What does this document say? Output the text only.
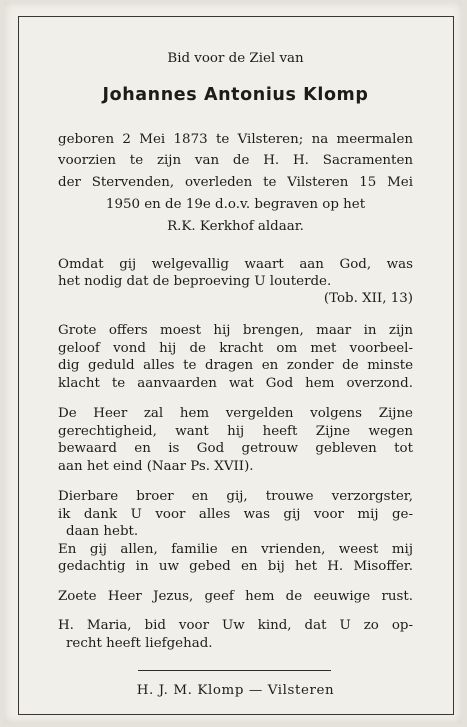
Bid voor de Ziel van
Johannes Antonius Klomp
geboren 2 Mei 1873 te Vilsteren; na meermalen
voorzien te zijn van de H. H. Sacramenten
der Stervenden, overleden te Vilsteren 15 Mei
1950 en de 19e d.o.v. begraven op het
R.K. Kerkhof aldaar.
Omdat gij welgevallig waart aan God, was
het nodig dat de beproeving U louterde.
(Tob. XII, 13)
Grote offers moest hij brengen, maar in zijn
geloof vond hij de kracht om met voorbeel-
dig geduld alles te dragen en zonder de minste
klacht te aanvaarden wat God hem overzond.
De Heer zal hem vergelden volgens Zijne
gerechtigheid, want hij heeft Zijne wegen
bewaard en is God getrouw gebleven tot
aan het eind (Naar Ps. XVII).
Dierbare broer en gij, trouwe verzorgster,
ik dank U voor alles was gij voor mij ge-
daan hebt.
En gij allen, familie en vrienden, weest mij
gedachtig in uw gebed en bij het H. Misoffer.
Zoete Heer Jezus, geef hem de eeuwige rust.
H. Maria, bid voor Uw kind, dat U zo op-
recht heeft liefgehad.
H. J. M. Klomp — Vilsteren
